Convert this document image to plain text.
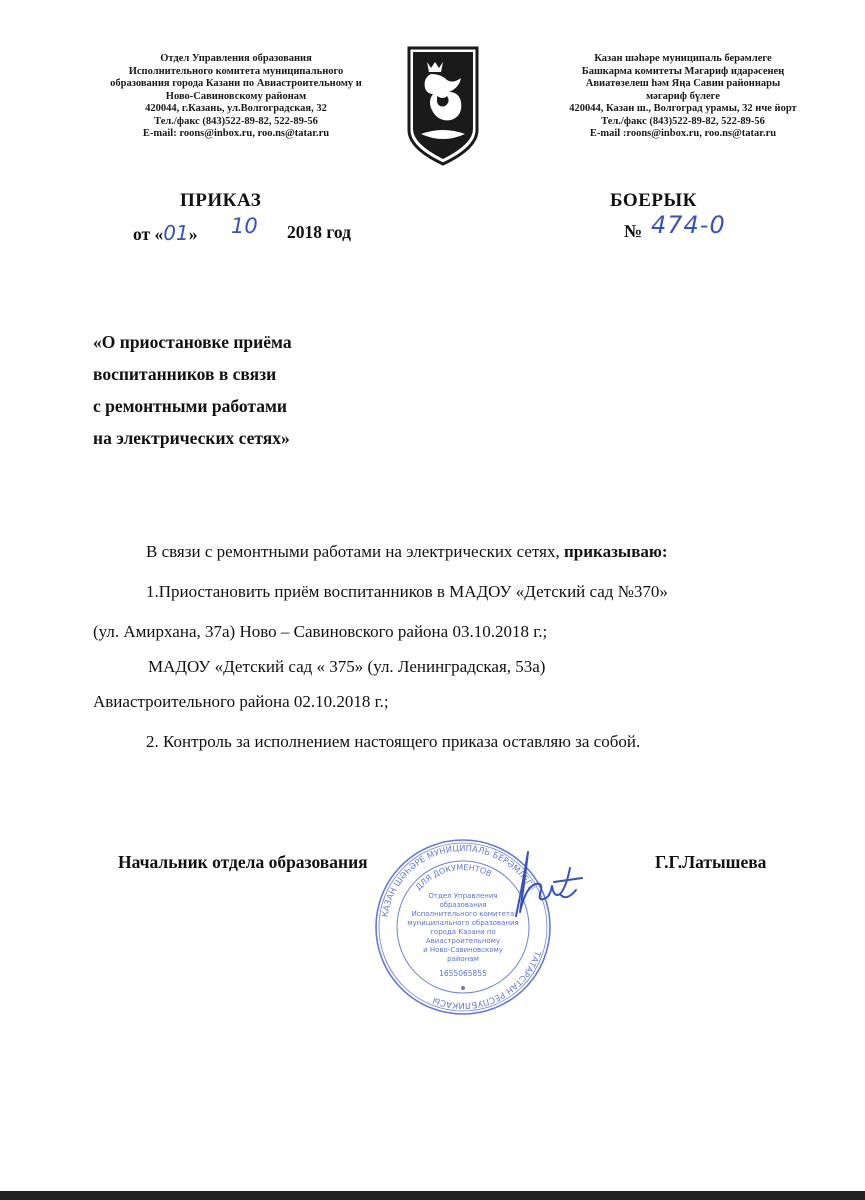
Отдел Управления образования
Исполнительного комитета муниципального
образования города Казани по Авиастроительному и
Ново-Савиновскому районам
420044, г.Казань, ул.Волгоградская, 32
Тел./факс (843)522-89-82, 522-89-56
E-mail: roons@inbox.ru, roo.ns@tatar.ru
Казан шәһәре муниципаль берәмлеге
Башкарма комитеты Мәгариф идарәсенең
Авиатөзелеш һәм Яңа Савин районнары
мәгариф бүлеге
420044, Казан ш., Волгоград урамы, 32 нче йорт
Тел./факс (843)522-89-82, 522-89-56
E-mail :roons@inbox.ru, roo.ns@tatar.ru
ПРИКАЗ	БОЕРЫК
от «01» 10 2018 год	№ 474-0
«О приостановке приёма
воспитанников в связи
с ремонтными работами
на электрических сетях»
В связи с ремонтными работами на электрических сетях, приказываю:
1.Приостановить приём воспитанников в МАДОУ «Детский сад №370»
(ул. Амирхана, 37а) Ново – Савиновского района 03.10.2018 г.;
МАДОУ «Детский сад « 375» (ул. Ленинградская, 53а)
Авиастроительного района 02.10.2018 г.;
2. Контроль за исполнением настоящего приказа оставляю за собой.
КАЗАН ШӘҺӘРЕ МУНИЦИПАЛЬ БЕРӘМЛЕГЕ
ТАТАРСТАН РЕСПУБЛИКАСЫ
ДЛЯ ДОКУМЕНТОВ
Отдел Управления
образования
Исполнительного комитета
муниципального образования
города Казани по
Авиастроительному
и Ново-Савиновскому
районам
1655065855
Начальник отдела образования	Г.Г.Латышева
